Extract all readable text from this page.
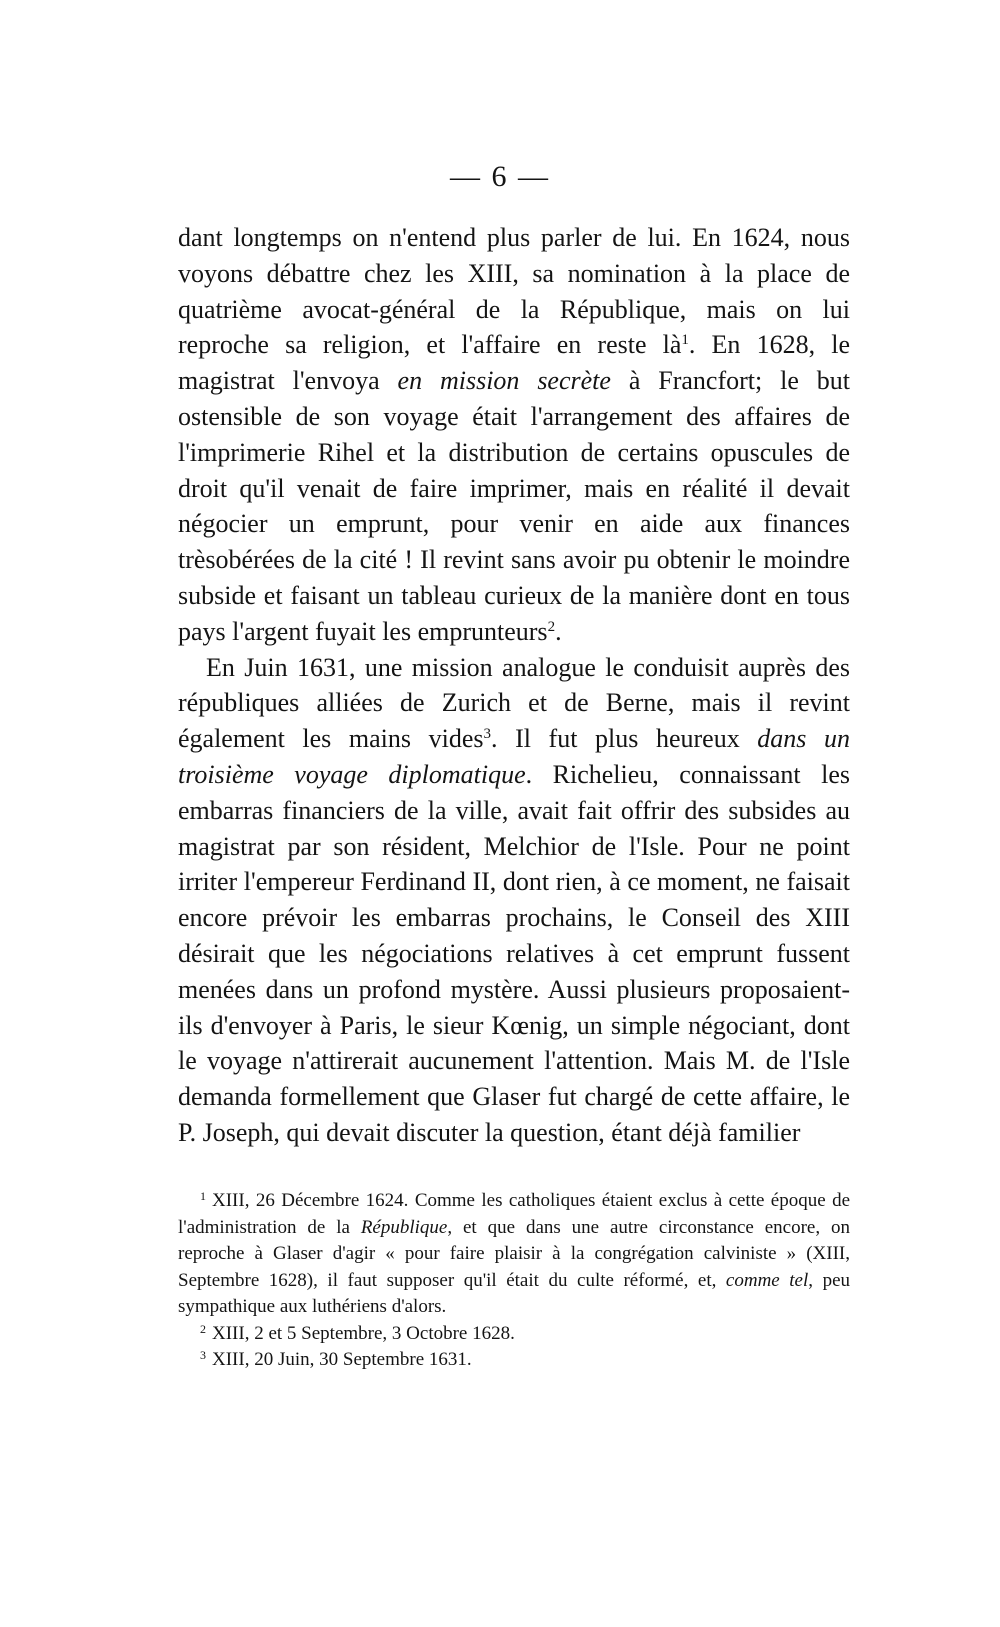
— 6 —

dant longtemps on n'entend plus parler de lui. En 1624, nous voyons débattre chez les XIII, sa nomination à la place de quatrième avocat-général de la République, mais on lui reproche sa religion, et l'affaire en reste là$^1$. En 1628, le magistrat l'envoya en mission secrète à Francfort; le but ostensible de son voyage était l'arrangement des affaires de l'imprimerie Rihel et la distribution de certains opuscules de droit qu'il venait de faire imprimer, mais en réalité il devait négocier un emprunt, pour venir en aide aux finances trèsobérées de la cité ! Il revint sans avoir pu obtenir le moindre subside et faisant un tableau curieux de la manière dont en tous pays l'argent fuyait les emprunteurs$^2$.

En Juin 1631, une mission analogue le conduisit auprès des républiques alliées de Zurich et de Berne, mais il revint également les mains vides$^3$. Il fut plus heureux dans un troisième voyage diplomatique. Richelieu, connaissant les embarras financiers de la ville, avait fait offrir des subsides au magistrat par son résident, Melchior de l'Isle. Pour ne point irriter l'empereur Ferdinand II, dont rien, à ce moment, ne faisait encore prévoir les embarras prochains, le Conseil des XIII désirait que les négociations relatives à cet emprunt fussent menées dans un profond mystère. Aussi plusieurs proposaient-ils d'envoyer à Paris, le sieur Kœnig, un simple négociant, dont le voyage n'attirerait aucunement l'attention. Mais M. de l'Isle demanda formellement que Glaser fut chargé de cette affaire, le P. Joseph, qui devait discuter la question, étant déjà familier

$^1$ XIII, 26 Décembre 1624. Comme les catholiques étaient exclus à cette époque de l'administration de la République, et que dans une autre circonstance encore, on reproche à Glaser d'agir « pour faire plaisir à la congrégation calviniste » (XIII, Septembre 1628), il faut supposer qu'il était du culte réformé, et, comme tel, peu sympathique aux luthériens d'alors.

$^2$ XIII, 2 et 5 Septembre, 3 Octobre 1628.

$^3$ XIII, 20 Juin, 30 Septembre 1631.
